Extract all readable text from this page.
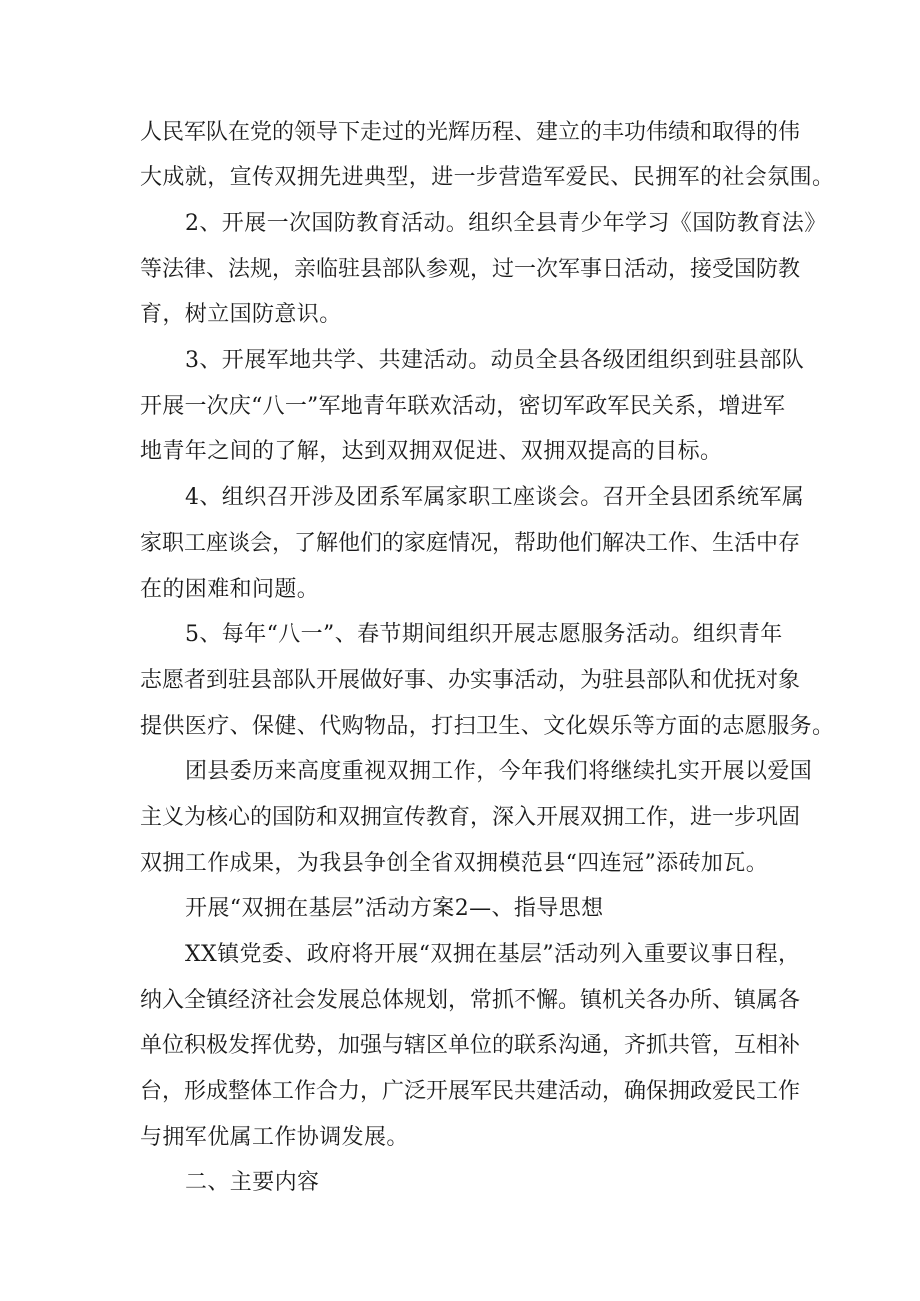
人民军队在党的领导下走过的光辉历程、建立的丰功伟绩和取得的伟

大成就，宣传双拥先进典型，进一步营造军爱民、民拥军的社会氛围。

2、开展一次国防教育活动。组织全县青少年学习《国防教育法》

等法律、法规，亲临驻县部队参观，过一次军事日活动，接受国防教

育，树立国防意识。

3、开展军地共学、共建活动。动员全县各级团组织到驻县部队

开展一次庆“八一”军地青年联欢活动，密切军政军民关系，增进军

地青年之间的了解，达到双拥双促进、双拥双提高的目标。

4、组织召开涉及团系军属家职工座谈会。召开全县团系统军属

家职工座谈会，了解他们的家庭情况，帮助他们解决工作、生活中存

在的困难和问题。

5、每年“八一”、春节期间组织开展志愿服务活动。组织青年

志愿者到驻县部队开展做好事、办实事活动，为驻县部队和优抚对象

提供医疗、保健、代购物品，打扫卫生、文化娱乐等方面的志愿服务。

团县委历来高度重视双拥工作，今年我们将继续扎实开展以爱国

主义为核心的国防和双拥宣传教育，深入开展双拥工作，进一步巩固

双拥工作成果，为我县争创全省双拥模范县“四连冠”添砖加瓦。

开展“双拥在基层”活动方案2—、指导思想

XX镇党委、政府将开展“双拥在基层”活动列入重要议事日程，

纳入全镇经济社会发展总体规划，常抓不懈。镇机关各办所、镇属各

单位积极发挥优势，加强与辖区单位的联系沟通，齐抓共管，互相补

台，形成整体工作合力，广泛开展军民共建活动，确保拥政爱民工作

与拥军优属工作协调发展。

二、主要内容
